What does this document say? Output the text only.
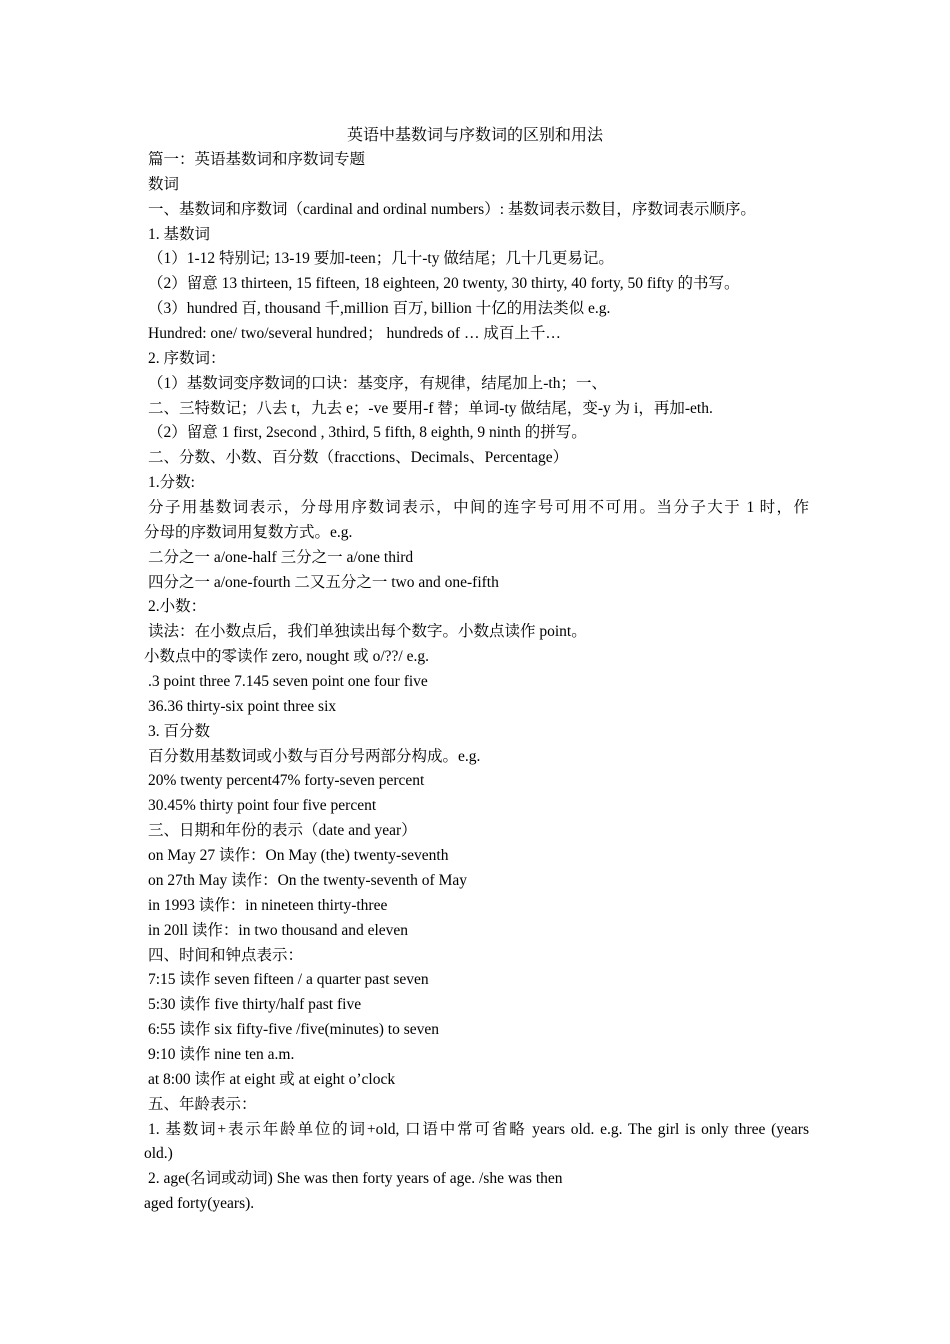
英语中基数词与序数词的区别和用法
篇一：英语基数词和序数词专题
数词
一、基数词和序数词（cardinal and ordinal numbers）: 基数词表示数目，序数词表示顺序。
1. 基数词
（1）1-12 特别记; 13-19 要加-teen；几十-ty 做结尾；几十几更易记。
（2）留意 13 thirteen, 15 fifteen, 18 eighteen, 20 twenty, 30 thirty, 40 forty, 50 fifty 的书写。
（3）hundred 百, thousand 千,million 百万, billion 十亿的用法类似 e.g.
Hundred: one/ two/several hundred； hundreds of … 成百上千…
2. 序数词：
（1）基数词变序数词的口诀：基变序，有规律，结尾加上-th；一、
二、三特数记；八去 t，九去 e；-ve 要用-f 替；单词-ty 做结尾，变-y 为 i，再加-eth.
（2）留意 1 first, 2second , 3third, 5 fifth, 8 eighth, 9 ninth 的拼写。
二、分数、小数、百分数（fracctions、Decimals、Percentage）
1.分数:
分子用基数词表示，分母用序数词表示，中间的连字号可用不可用。当分子大于 1 时，作
分母的序数词用复数方式。e.g.
二分之一 a/one-half 三分之一 a/one third
四分之一 a/one-fourth 二又五分之一 two and one-fifth
2.小数：
读法：在小数点后，我们单独读出每个数字。小数点读作 point。
小数点中的零读作 zero, nought 或 o/??/ e.g.
.3 point three 7.145 seven point one four five
36.36 thirty-six point three six
3. 百分数
百分数用基数词或小数与百分号两部分构成。e.g.
20% twenty percent47% forty-seven percent
30.45% thirty point four five percent
三、日期和年份的表示（date and year）
on May 27 读作：On May (the) twenty-seventh
on 27th May 读作：On the twenty-seventh of May
in 1993 读作：in nineteen thirty-three
in 20ll 读作：in two thousand and eleven
四、时间和钟点表示：
7:15 读作 seven fifteen / a quarter past seven
5:30 读作 five thirty/half past five
6:55 读作 six fifty-five /five(minutes) to seven
9:10 读作 nine ten a.m.
at 8:00 读作 at eight 或 at eight o’clock
五、年龄表示：
1. 基数词+表示年龄单位的词+old, 口语中常可省略 years old. e.g. The girl is only three (years
old.)
2. age(名词或动词) She was then forty years of age. /she was then
aged forty(years).
